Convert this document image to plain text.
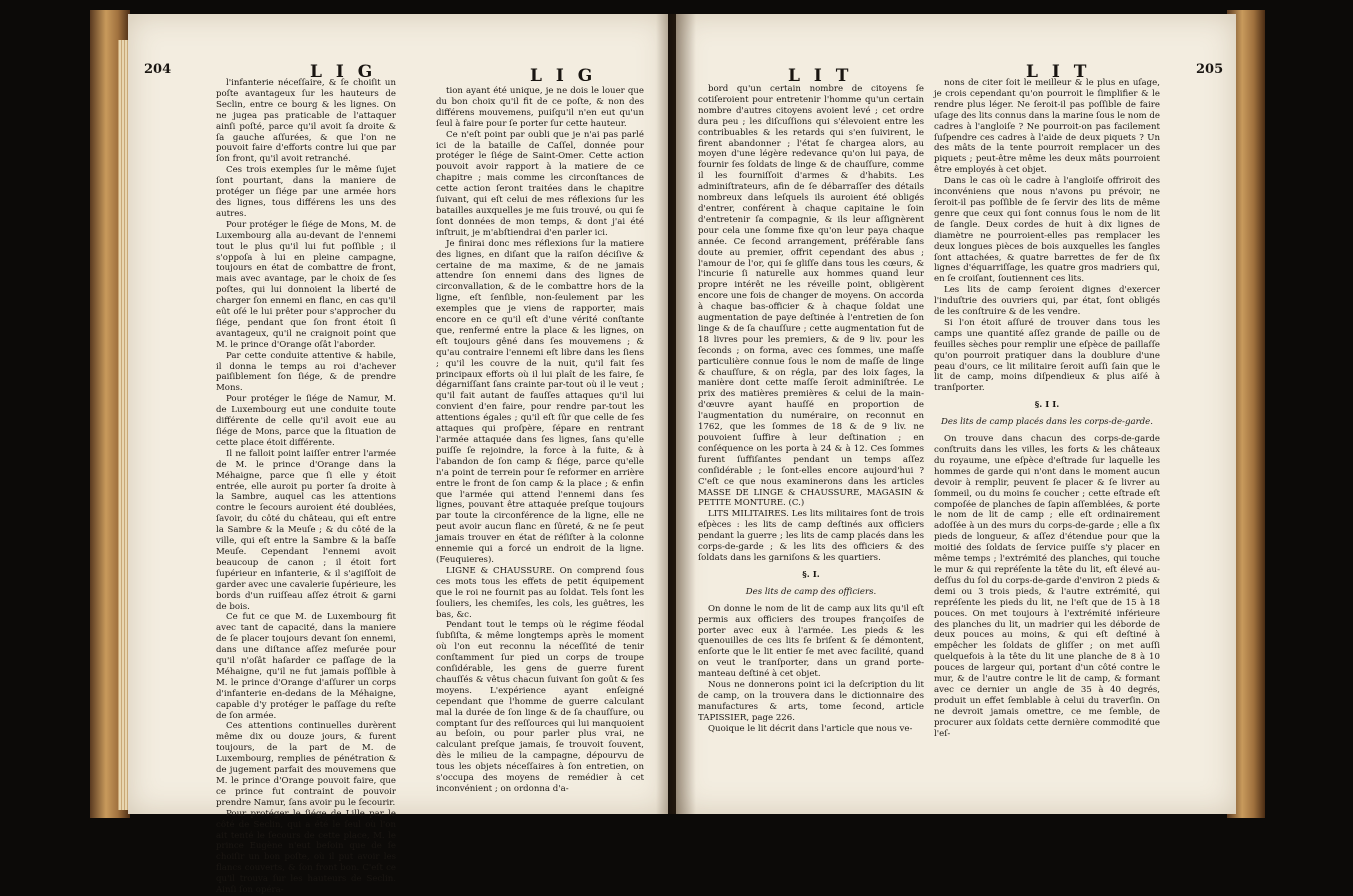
204	L I G	L I G

l'infanterie néceſſaire, & ſe choiſit un poſte avantageux ſur les hauteurs de Seclin, entre ce bourg & les lignes. On ne jugea pas praticable de l'attaquer ainſi poſté, parce qu'il avoit ſa droite & ſa gauche aſſurées, & que l'on ne pouvoit faire d'efforts contre lui que par ſon front, qu'il avoit retranché.

Ces trois exemples ſur le même ſujet ſont pourtant, dans la maniere de protéger un ſiége par une armée hors des lignes, tous différens les uns des autres.

Pour protéger le ſiége de Mons, M. de Luxembourg alla au-devant de l'ennemi tout le plus qu'il lui fut poſſible ; il s'oppoſa à lui en pleine campagne, toujours en état de combattre de front, mais avec avantage, par le choix de ſes poſtes, qui lui donnoient la liberté de charger ſon ennemi en flanc, en cas qu'il eût oſé le lui prêter pour s'approcher du ſiége, pendant que ſon front étoit ſi avantageux, qu'il ne craignoit point que M. le prince d'Orange oſât l'aborder.

Par cette conduite attentive & habile, il donna le temps au roi d'achever paiſiblement ſon ſiége, & de prendre Mons.

Pour protéger le ſiége de Namur, M. de Luxembourg eut une conduite toute différente de celle qu'il avoit eue au ſiége de Mons, parce que la ſituation de cette place étoit différente.

Il ne falloit point laiſſer entrer l'armée de M. le prince d'Orange dans la Méhaigne, parce que ſi elle y étoit entrée, elle auroit pu porter ſa droite à la Sambre, auquel cas les attentions contre le ſecours auroient été doublées, ſavoir, du côté du château, qui eſt entre la Sambre & la Meuſe ; & du côté de la ville, qui eſt entre la Sambre & la baſſe Meuſe. Cependant l'ennemi avoit beaucoup de canon ; il étoit fort ſupérieur en infanterie, & il s'agiſſoit de garder avec une cavalerie ſupérieure, les bords d'un ruiſſeau aſſez étroit & garni de bois.

Ce fut ce que M. de Luxembourg fit avec tant de capacité, dans la maniere de ſe placer toujours devant ſon ennemi, dans une diſtance aſſez meſurée pour qu'il n'oſât haſarder ce paſſage de la Méhaigne, qu'il ne fut jamais poſſible à M. le prince d'Orange d'aſſurer un corps d'infanterie en-dedans de la Méhaigne, capable d'y protéger le paſſage du reſte de ſon armée.

Ces attentions continuelles durèrent même dix ou douze jours, & furent toujours, de la part de M. de Luxembourg, remplies de pénétration & de jugement parfait des mouvemens que M. le prince d'Orange pouvoit faire, que ce prince fut contraint de pouvoir prendre Namur, ſans avoir pu le ſecourir.

Pour protéger le ſiége de Lille par le côté de Seclin, qui a été le ſeul où l'on ait tenté le ſecours de cette place, M. le prince Eugène n'eut beſoin que de ſe choiſir un bon poſte, où il put avoir les flancs couverts, & ſon front bon. C'eſt ce qu'il trouva ſur les hauteurs de Seclin. Ainſi ſon opéra-

tion ayant été unique, je ne dois le louer que du bon choix qu'il fit de ce poſte, & non des différens mouvemens, puiſqu'il n'en eut qu'un ſeul à faire pour ſe porter ſur cette hauteur.

Ce n'eſt point par oubli que je n'ai pas parlé ici de la bataille de Caſſel, donnée pour protéger le ſiége de Saint-Omer. Cette action pouvoit avoir rapport à la matiere de ce chapitre ; mais comme les circonſtances de cette action ſeront traitées dans le chapitre ſuivant, qui eſt celui de mes réflexions ſur les batailles auxquelles je me ſuis trouvé, ou qui ſe ſont données de mon temps, & dont j'ai été inſtruit, je m'abſtiendrai d'en parler ici.

Je finirai donc mes réflexions ſur la matiere des lignes, en diſant que la raiſon déciſive & certaine de ma maxime, & de ne jamais attendre ſon ennemi dans des lignes de circonvallation, & de le combattre hors de la ligne, eſt ſenſible, non-ſeulement par les exemples que je viens de rapporter, mais encore en ce qu'il eſt d'une vérité conſtante que, renfermé entre la place & les lignes, on eſt toujours gêné dans ſes mouvemens ; & qu'au contraire l'ennemi eſt libre dans les ſiens ; qu'il les couvre de la nuit, qu'il fait ſes principaux efforts où il lui plaît de les faire, ſe dégarniſſant ſans crainte par-tout où il le veut ; qu'il fait autant de fauſſes attaques qu'il lui convient d'en faire, pour rendre par-tout les attentions égales ; qu'il eſt ſûr que celle de ſes attaques qui proſpère, ſépare en rentrant l'armée attaquée dans ſes lignes, ſans qu'elle puiſſe ſe rejoindre, la force à la fuite, & à l'abandon de ſon camp & ſiége, parce qu'elle n'a point de terrein pour ſe reformer en arrière entre le front de ſon camp & la place ; & enfin que l'armée qui attend l'ennemi dans ſes lignes, pouvant être attaquée preſque toujours par toute la circonférence de la ligne, elle ne peut avoir aucun flanc en ſûreté, & ne ſe peut jamais trouver en état de réſiſter à la colonne ennemie qui a forcé un endroit de la ligne. (Feuquieres).

LIGNE & CHAUSSURE. On comprend ſous ces mots tous les effets de petit équipement que le roi ne fournit pas au ſoldat. Tels ſont les ſouliers, les chemiſes, les cols, les guêtres, les bas, &c.

Pendant tout le temps où le régime féodal ſubſiſta, & même longtemps après le moment où l'on eut reconnu la néceſſité de tenir conſtamment ſur pied un corps de troupe conſidérable, les gens de guerre furent chauſſés & vêtus chacun ſuivant ſon goût & ſes moyens. L'expérience ayant enſeigné cependant que l'homme de guerre calculant mal la durée de ſon linge & de ſa chauſſure, ou comptant ſur des reſſources qui lui manquoient au beſoin, ou pour parler plus vrai, ne calculant preſque jamais, ſe trouvoit ſouvent, dès le milieu de la campagne, dépourvu de tous les objets néceſſaires à ſon entretien, on s'occupa des moyens de remédier à cet inconvénient ; on ordonna d'a-

L I T	L I T	205

bord qu'un certain nombre de citoyens ſe cotiſeroient pour entretenir l'homme qu'un certain nombre d'autres citoyens avoient levé ; cet ordre dura peu ; les diſcuſſions qui s'élevoient entre les contribuables & les retards qui s'en ſuivirent, le firent abandonner ; l'état ſe chargea alors, au moyen d'une légère redevance qu'on lui paya, de fournir ſes ſoldats de linge & de chauſſure, comme il les fourniſſoit d'armes & d'habits. Les adminiſtrateurs, afin de ſe débarraſſer des détails nombreux dans leſquels ils auroient été obligés d'entrer, conférent à chaque capitaine le ſoin d'entretenir ſa compagnie, & ils leur aſſignèrent pour cela une ſomme fixe qu'on leur paya chaque année. Ce ſecond arrangement, préférable ſans doute au premier, offrit cependant des abus ; l'amour de l'or, qui ſe gliſſe dans tous les cœurs, & l'incurie ſi naturelle aux hommes quand leur propre intérêt ne les réveille point, obligèrent encore une fois de changer de moyens. On accorda à chaque bas-officier & à chaque ſoldat une augmentation de paye deſtinée à l'entretien de ſon linge & de ſa chauſſure ; cette augmentation fut de 18 livres pour les premiers, & de 9 liv. pour les ſeconds ; on forma, avec ces ſommes, une maſſe particulière connue ſous le nom de maſſe de linge & chauſſure, & on régla, par des loix ſages, la manière dont cette maſſe ſeroit adminiſtrée. Le prix des matières premières & celui de la main-d'œuvre ayant hauſſé en proportion de l'augmentation du numéraire, on reconnut en 1762, que les ſommes de 18 & de 9 liv. ne pouvoient ſuffire à leur deſtination ; en conſéquence on les porta à 24 & à 12. Ces ſommes furent ſuffiſantes pendant un temps aſſez conſidérable ; le ſont-elles encore aujourd'hui ? C'eſt ce que nous examinerons dans les articles MASSE DE LINGE & CHAUSSURE, MAGASIN & PETITE MONTURE. (C.)

LITS MILITAIRES. Les lits militaires ſont de trois eſpèces : les lits de camp deſtinés aux officiers pendant la guerre ; les lits de camp placés dans les corps-de-garde ; & les lits des officiers & des ſoldats dans les garniſons & les quartiers.

§. I.

Des lits de camp des officiers.

On donne le nom de lit de camp aux lits qu'il eſt permis aux officiers des troupes françoiſes de porter avec eux à l'armée. Les pieds & les quenouilles de ces lits ſe briſent & ſe démontent, enſorte que le lit entier ſe met avec facilité, quand on veut le tranſporter, dans un grand porte-manteau deſtiné à cet objet.

Nous ne donnerons point ici la deſcription du lit de camp, on la trouvera dans le dictionnaire des manufactures & arts, tome ſecond, article TAPISSIER, page 226.

Quoique le lit décrit dans l'article que nous ve-

nons de citer ſoit le meilleur & le plus en uſage, je crois cependant qu'on pourroit le ſimplifier & le rendre plus léger. Ne ſeroit-il pas poſſible de faire uſage des lits connus dans la marine ſous le nom de cadres à l'angloiſe ? Ne pourroit-on pas facilement ſuſpendre ces cadres à l'aide de deux piquets ? Un des mâts de la tente pourroit remplacer un des piquets ; peut-être même les deux mâts pourroient être employés à cet objet.

Dans le cas où le cadre à l'angloiſe offriroit des inconvéniens que nous n'avons pu prévoir, ne ſeroit-il pas poſſible de ſe ſervir des lits de même genre que ceux qui ſont connus ſous le nom de lit de ſangle. Deux cordes de huit à dix lignes de diamètre ne pourroient-elles pas remplacer les deux longues pièces de bois auxquelles les ſangles ſont attachées, & quatre barrettes de fer de ſix lignes d'équarriſſage, les quatre gros madriers qui, en ſe croiſant, ſoutiennent ces lits.

Les lits de camp ſeroient dignes d'exercer l'induſtrie des ouvriers qui, par état, ſont obligés de les conſtruire & de les vendre.

Si l'on étoit aſſuré de trouver dans tous les camps une quantité aſſez grande de paille ou de feuilles sèches pour remplir une eſpèce de paillaſſe qu'on pourroit pratiquer dans la doublure d'une peau d'ours, ce lit militaire ſeroit auſſi ſain que le lit de camp, moins diſpendieux & plus aiſé à tranſporter.

§. I I.

Des lits de camp placés dans les corps-de-garde.

On trouve dans chacun des corps-de-garde conſtruits dans les villes, les forts & les châteaux du royaume, une eſpèce d'eſtrade ſur laquelle les hommes de garde qui n'ont dans le moment aucun devoir à remplir, peuvent ſe placer & ſe livrer au ſommeil, ou du moins ſe coucher ; cette eſtrade eſt compoſée de planches de ſapin aſſemblées, & porte le nom de lit de camp ; elle eſt ordinairement adoſſée à un des murs du corps-de-garde ; elle a ſix pieds de longueur, & aſſez d'étendue pour que la moitié des ſoldats de ſervice puiſſe s'y placer en même temps ; l'extrémité des planches, qui touche le mur & qui repréſente la tête du lit, eſt élevé au-deſſus du ſol du corps-de-garde d'environ 2 pieds & demi ou 3 trois pieds, & l'autre extrémité, qui repréſente les pieds du lit, ne l'eſt que de 15 à 18 pouces. On met toujours à l'extrémité inférieure des planches du lit, un madrier qui les déborde de deux pouces au moins, & qui eſt deſtiné à empêcher les ſoldats de gliſſer ; on met auſſi quelquefois à la tête du lit une planche de 8 à 10 pouces de largeur qui, portant d'un côté contre le mur, & de l'autre contre le lit de camp, & formant avec ce dernier un angle de 35 à 40 degrés, produit un effet ſemblable à celui du traverſin. On ne devroit jamais omettre, ce me ſemble, de procurer aux ſoldats cette dernière commodité que l'eſ-
